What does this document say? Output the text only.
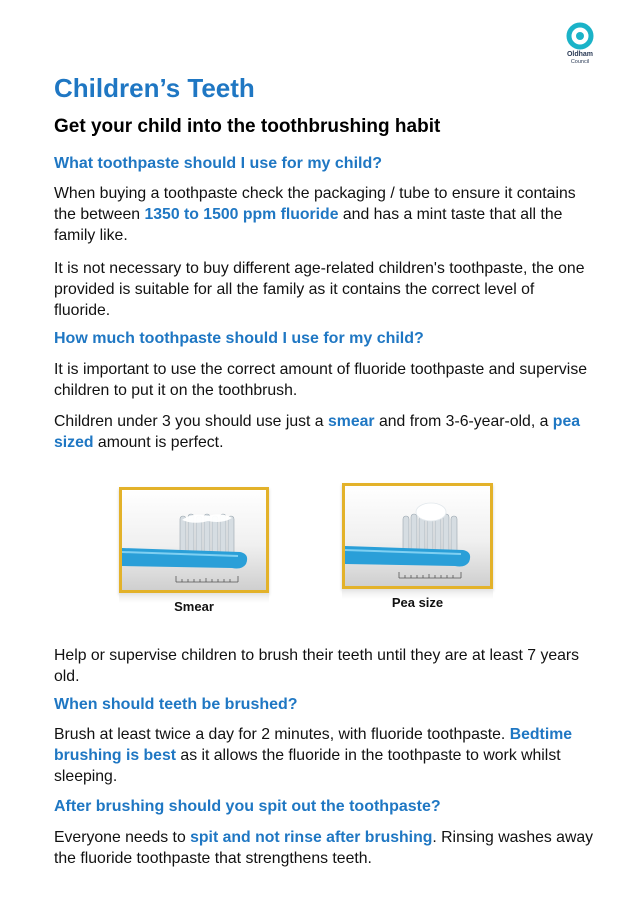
Oldham
Council
Children’s Teeth
Get your child into the toothbrushing habit
What toothpaste should I use for my child?

When buying a toothpaste check the packaging / tube to ensure it contains the between 1350 to 1500 ppm fluoride and has a mint taste that all the family like.

It is not necessary to buy different age-related children's toothpaste, the one provided is suitable for all the family as it contains the correct level of fluoride.

How much toothpaste should I use for my child?

It is important to use the correct amount of fluoride toothpaste and supervise children to put it on the toothbrush.

Children under 3 you should use just a smear and from 3-6-year-old, a pea sized amount is perfect.

Smear	Pea size

Help or supervise children to brush their teeth until they are at least 7 years old.

When should teeth be brushed?

Brush at least twice a day for 2 minutes, with fluoride toothpaste. Bedtime brushing is best as it allows the fluoride in the toothpaste to work whilst sleeping.

After brushing should you spit out the toothpaste?

Everyone needs to spit and not rinse after brushing. Rinsing washes away the fluoride toothpaste that strengthens teeth.
